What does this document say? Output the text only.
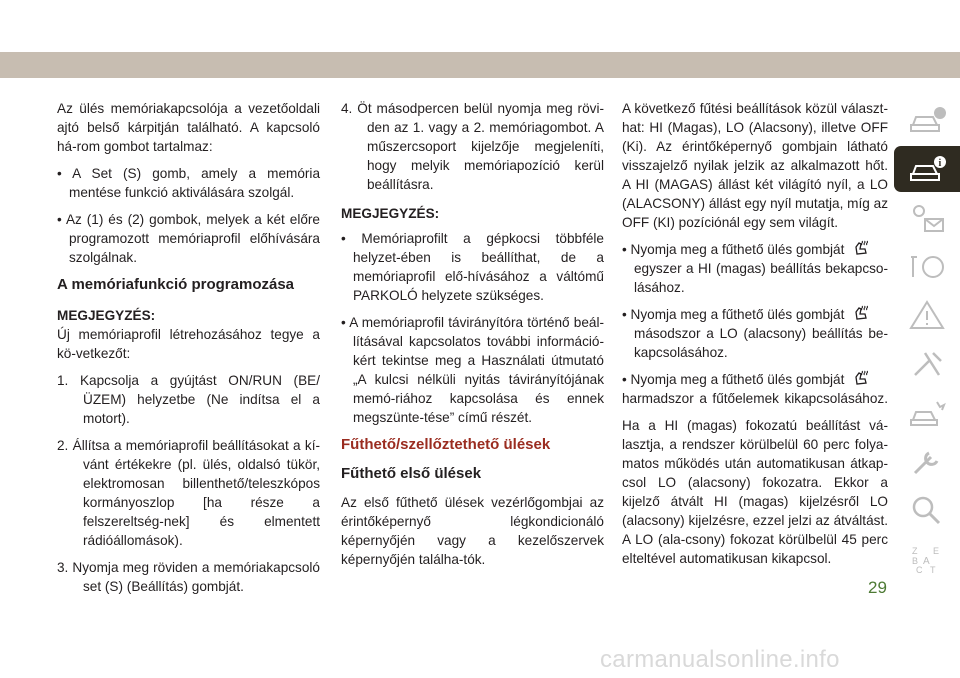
Az ülés memóriakapcsolója a vezetőoldali ajtó belső kárpitján található. A kapcsoló há-rom gombot tartalmaz:

• A Set (S) gomb, amely a memória mentése funkció aktiválására szolgál.
• Az (1) és (2) gombok, melyek a két előre programozott memóriaprofil előhívására szolgálnak.

A memóriafunkció programozása

MEGJEGYZÉS:

Új memóriaprofil létrehozásához tegye a kö-vetkezőt:

1. Kapcsolja a gyújtást ON/RUN (BE/ ÜZEM) helyzetbe (Ne indítsa el a motort).
2. Állítsa a memóriaprofil beállításokat a kí-vánt értékekre (pl. ülés, oldalsó tükör, elektromosan billenthető/teleszkópos kormányoszlop [ha része a felszereltség-nek] és elmentett rádióállomások).
3. Nyomja meg röviden a memóriakapcsoló set (S) (Beállítás) gombját.
4. Öt másodpercen belül nyomja meg rövi-den az 1. vagy a 2. memóriagombot. A műszercsoport kijelzője megjeleníti, hogy melyik memóriapozíció kerül beállításra.

MEGJEGYZÉS:

• Memóriaprofilt a gépkocsi többféle helyzet-ében is beállíthat, de a memóriaprofil elő-hívásához a váltómű PARKOLÓ helyzete szükséges.
• A memóriaprofil távirányítóra történő beál-lításával kapcsolatos további információ-kért tekintse meg a Használati útmutató „A kulcsi nélküli nyitás távirányítójának memó-riához kapcsolása és ennek megszünte-tése” című részét.

Fűthető/szellőztethető ülések

Fűthető első ülések

Az első fűthető ülések vezérlőgombjai az érintőképernyő légkondicionáló képernyőjén vagy a kezelőszervek képernyőjén találha-tók.

A következő fűtési beállítások közül választ-hat: HI (Magas), LO (Alacsony), illetve OFF (Ki). Az érintőképernyő gombjain látható visszajelző nyilak jelzik az alkalmazott hőt. A HI (MAGAS) állást két világító nyíl, a LO (ALACSONY) állást egy nyíl mutatja, míg az OFF (KI) pozíciónál egy sem világít.

• Nyomja meg a fűthető ülés gombját
egyszer a HI (magas) beállítás bekapcso-lásához.
• Nyomja meg a fűthető ülés gombját
másodszor a LO (alacsony) beállítás be-kapcsolásához.
• Nyomja meg a fűthető ülés gombját

harmadszor a fűtőelemek kikapcsolásához.

Ha a HI (magas) fokozatú beállítást vá-lasztja, a rendszer körülbelül 60 perc folya-matos működés után automatikusan átkap-csol LO (alacsony) fokozatra. Ekkor a kijelző átvált HI (magas) kijelzésről LO (alacsony) kijelzésre, ezzel jelzi az átváltást. A LO (ala-csony) fokozat körülbelül 45 perc elteltével automatikusan kikapcsol.

i
Z E
B A
C T
29
carmanualsonline.info
